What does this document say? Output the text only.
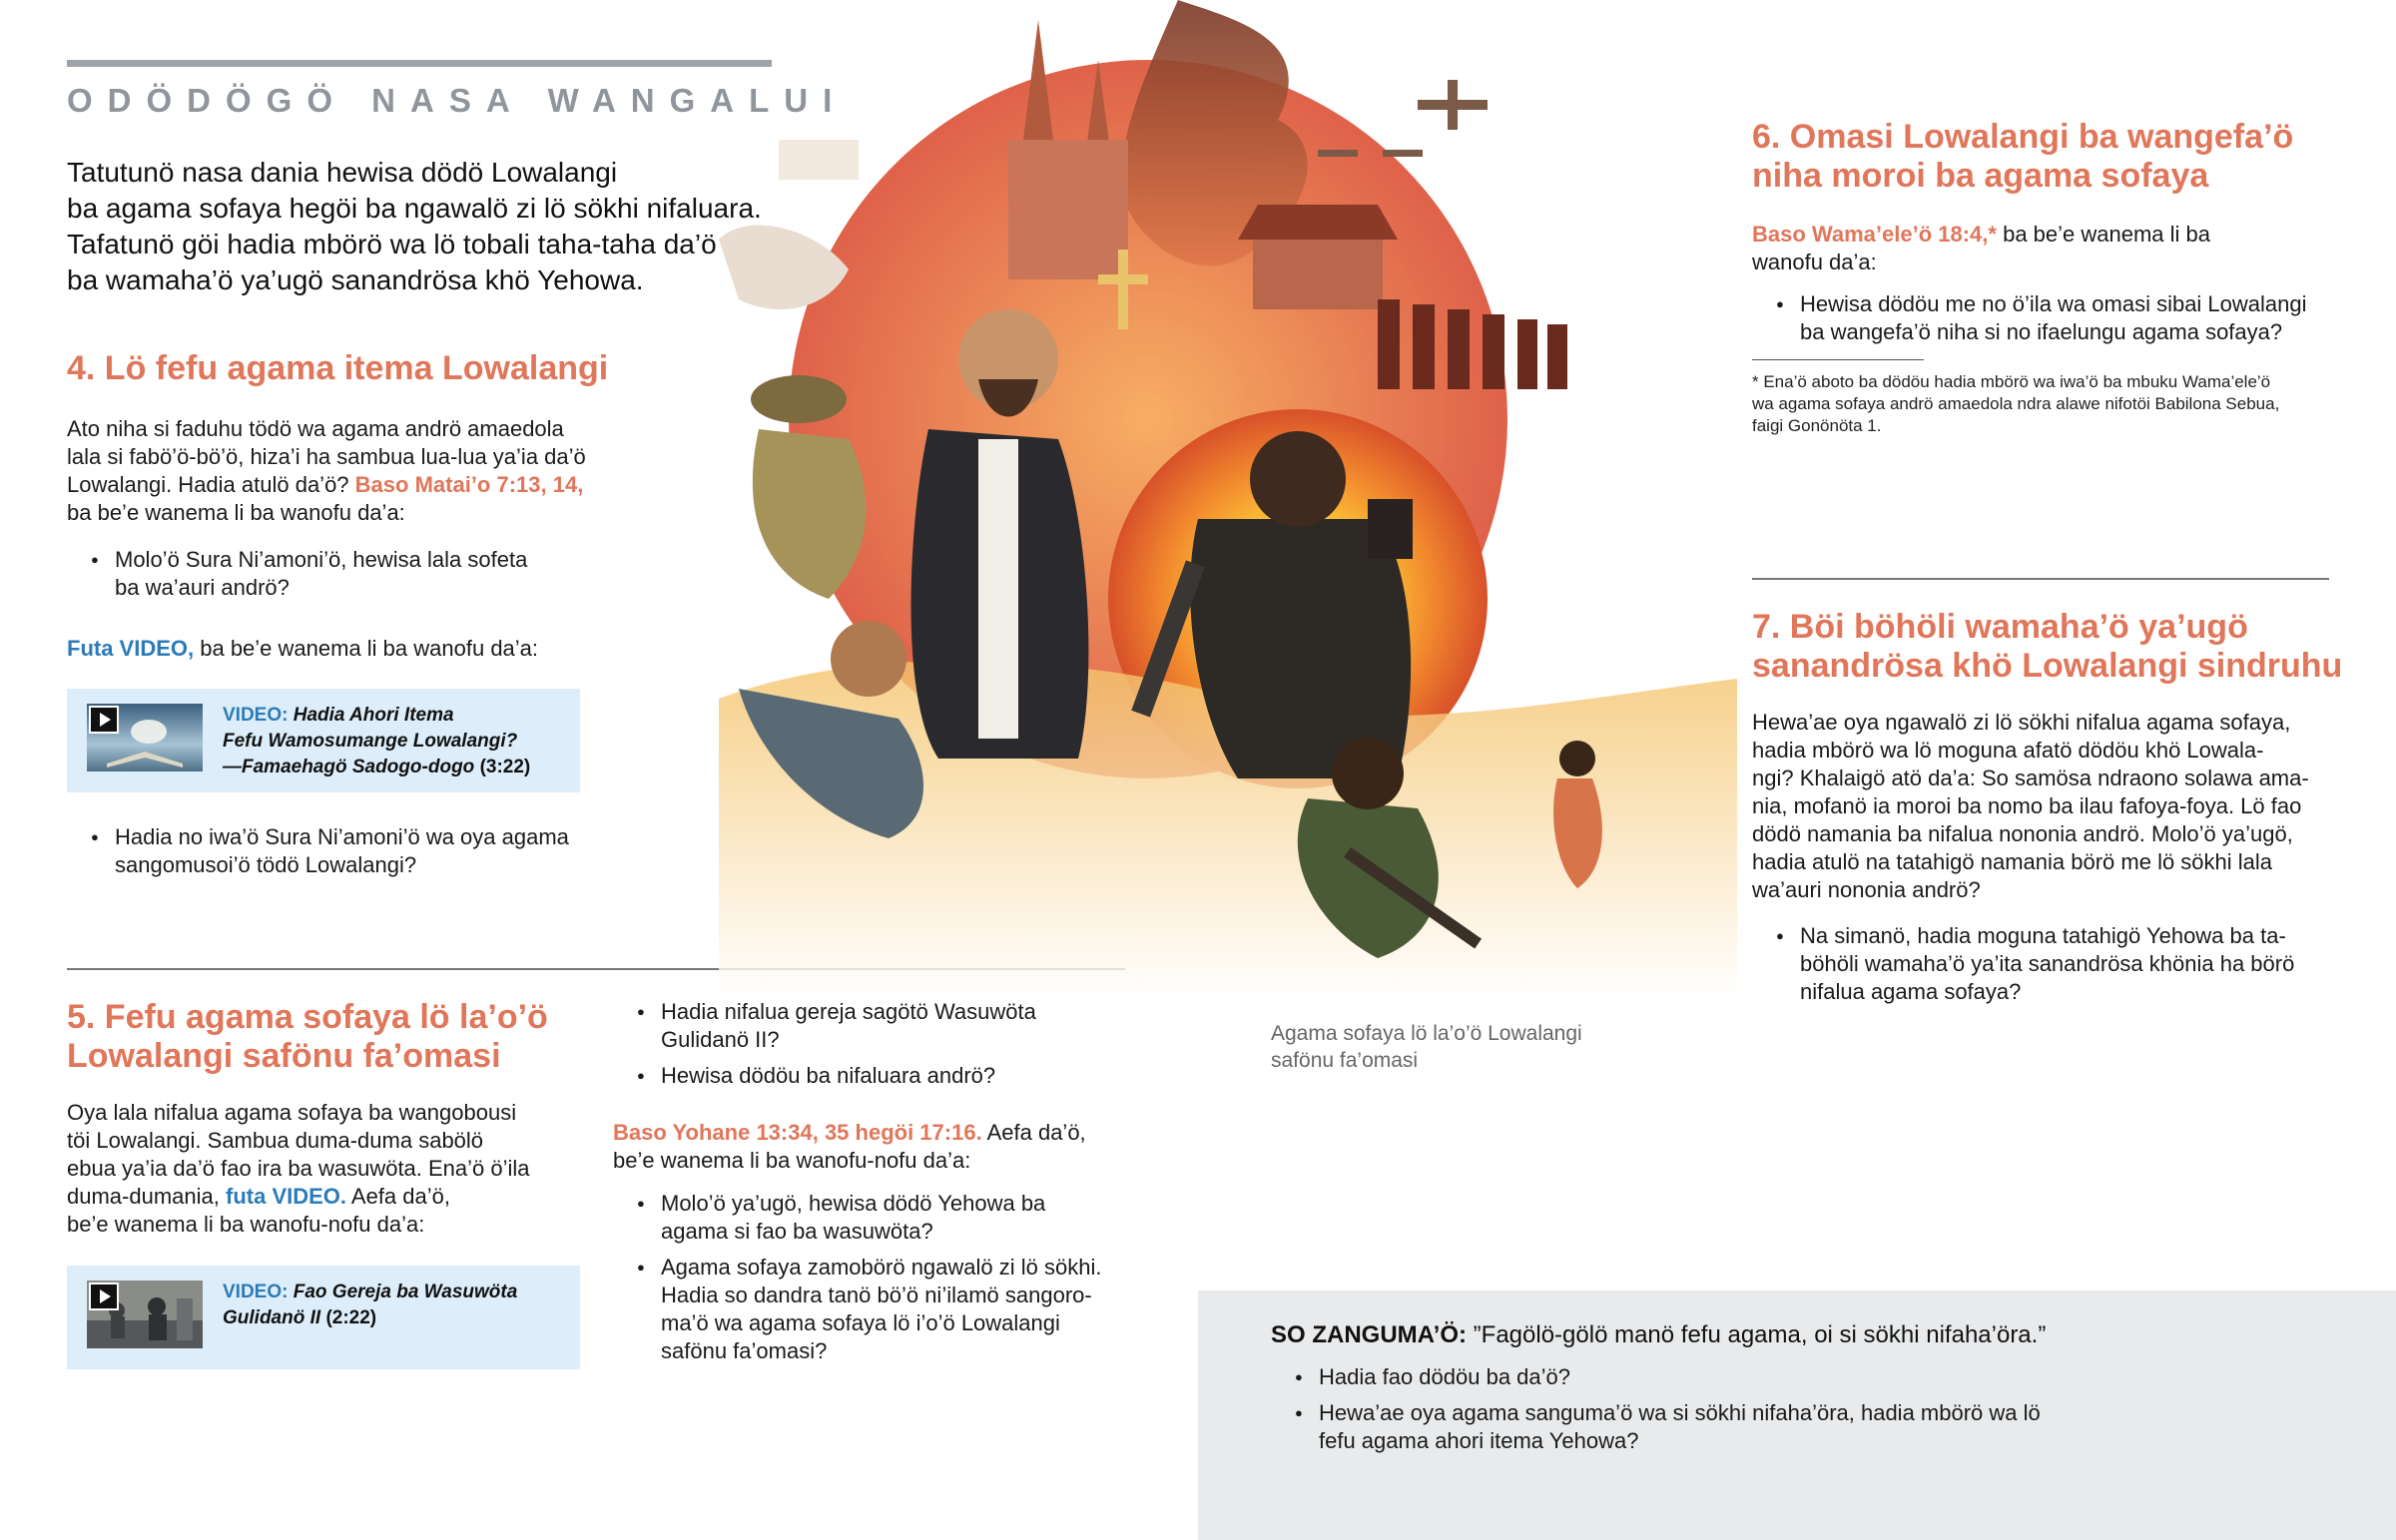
ODÖDÖGÖ NASA WANGALUI

Tatutunö nasa dania hewisa dödö Lowalangi

ba agama sofaya hegöi ba ngawalö zi lö sökhi nifaluara.

Tafatunö göi hadia mbörö wa lö tobali taha-taha da’ö

ba wamaha’ö ya’ugö sanandrösa khö Yehowa.

4. Lö fefu agama itema Lowalangi
Ato niha si faduhu tödö wa agama andrö amaedola
lala si fabö’ö-bö’ö, hiza’i ha sambua lua-lua ya’ia da’ö
Lowalangi. Hadia atulö da’ö? Baso Matai’o 7:13, 14,
ba be’e wanema li ba wanofu da’a:
● Molo’ö Sura Ni’amoni’ö, hewisa lala sofeta
ba wa’auri andrö?
Futa VIDEO, ba be’e wanema li ba wanofu da’a:
VIDEO: Hadia Ahori Itema
Fefu Wamosumange Lowalangi?
—Famaehagö Sadogo-dogo (3:22)
● Hadia no iwa’ö Sura Ni’amoni’ö wa oya agama
sangomusoi’ö tödö Lowalangi?
5. Fefu agama sofaya lö la’o’ö
Lowalangi safönu fa’omasi
Oya lala nifalua agama sofaya ba wangobousi
töi Lowalangi. Sambua duma-duma sabölö
ebua ya’ia da’ö fao ira ba wasuwöta. Ena’ö ö’ila
duma-dumania, futa VIDEO. Aefa da’ö,
be’e wanema li ba wanofu-nofu da’a:
VIDEO: Fao Gereja ba Wasuwöta
Gulidanö II (2:22)
● Hadia nifalua gereja sagötö Wasuwöta
Gulidanö II?
● Hewisa dödöu ba nifaluara andrö?
Baso Yohane 13:34, 35 hegöi 17:16. Aefa da’ö,
be’e wanema li ba wanofu-nofu da’a:
● Molo’ö ya’ugö, hewisa dödö Yehowa ba
agama si fao ba wasuwöta?
● Agama sofaya zamobörö ngawalö zi lö sökhi.
Hadia so dandra tanö bö’ö ni’ilamö sangoro-
ma’ö wa agama sofaya lö i’o’ö Lowalangi
safönu fa’omasi?
Agama sofaya lö la’o’ö Lowalangi
safönu fa’omasi
6. Omasi Lowalangi ba wangefa’ö
niha moroi ba agama sofaya
Baso Wama’ele’ö 18:4,* ba be’e wanema li ba
wanofu da’a:
● Hewisa dödöu me no ö’ila wa omasi sibai Lowalangi
ba wangefa’ö niha si no ifaelungu agama sofaya?
* Ena’ö aboto ba dödöu hadia mbörö wa iwa’ö ba mbuku Wama’ele’ö
wa agama sofaya andrö amaedola ndra alawe nifotöi Babilona Sebua,
faigi Gonönöta 1.
7. Böi böhöli wamaha’ö ya’ugö
sanandrösa khö Lowalangi sindruhu
Hewa’ae oya ngawalö zi lö sökhi nifalua agama sofaya,
hadia mbörö wa lö moguna afatö dödöu khö Lowala-
ngi? Khalaigö atö da’a: So samösa ndraono solawa ama-
nia, mofanö ia moroi ba nomo ba ilau fafoya-foya. Lö fao
dödö namania ba nifalua nononia andrö. Molo’ö ya’ugö,
hadia atulö na tatahigö namania börö me lö sökhi lala
wa’auri nononia andrö?
● Na simanö, hadia moguna tatahigö Yehowa ba ta-
böhöli wamaha’ö ya’ita sanandrösa khönia ha börö
nifalua agama sofaya?
SO ZANGUMA’Ö: ”Fagölö-gölö manö fefu agama, oi si sökhi nifaha’öra.”
● Hadia fao dödöu ba da’ö?
● Hewa’ae oya agama sanguma’ö wa si sökhi nifaha’öra, hadia mbörö wa lö
fefu agama ahori itema Yehowa?
